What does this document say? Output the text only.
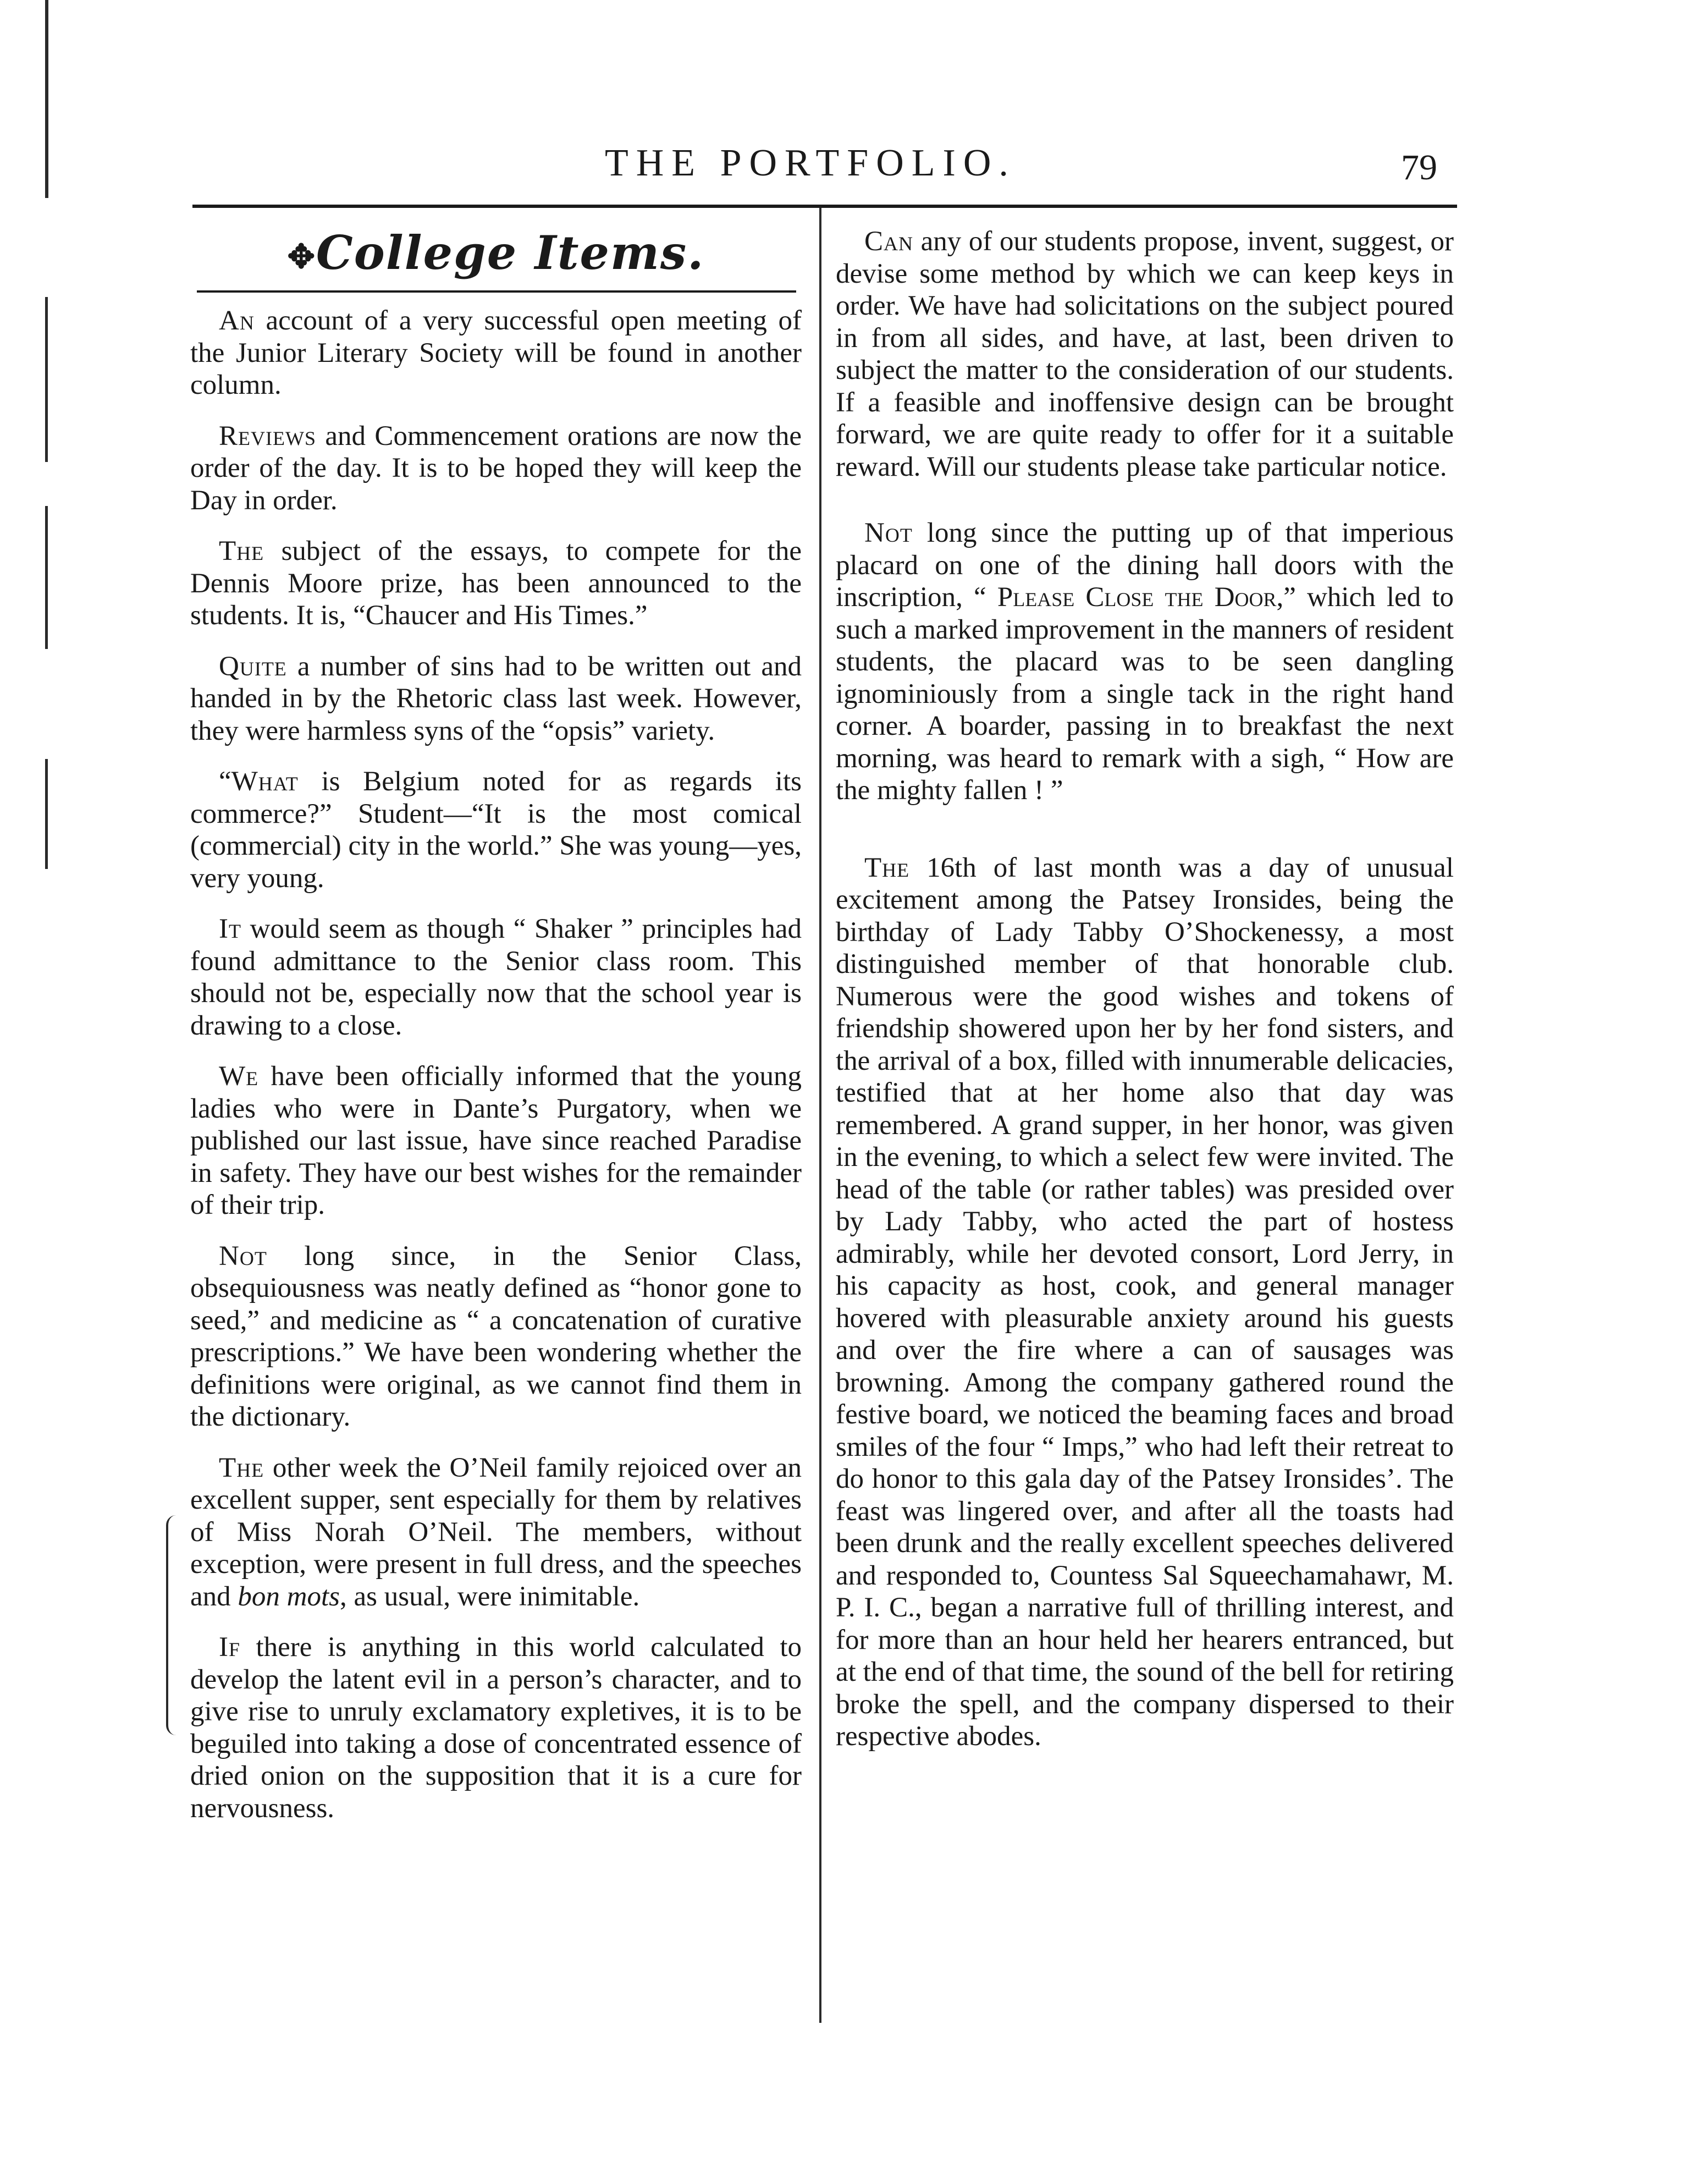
THE PORTFOLIO.	79
✥College Items.

An account of a very successful open meeting of the Junior Literary Society will be found in another column.

Reviews and Commencement orations are now the order of the day. It is to be hoped they will keep the Day in order.

The subject of the essays, to compete for the Dennis Moore prize, has been announced to the students. It is, “Chaucer and His Times.”

Quite a number of sins had to be written out and handed in by the Rhetoric class last week. However, they were harmless syns of the “opsis” variety.

“What is Belgium noted for as regards its commerce?” Student—“It is the most comical (commercial) city in the world.” She was young—yes, very young.

It would seem as though “ Shaker ” principles had found admittance to the Senior class room. This should not be, especially now that the school year is drawing to a close.

We have been officially informed that the young ladies who were in Dante’s Purgatory, when we published our last issue, have since reached Paradise in safety. They have our best wishes for the remainder of their trip.

Not long since, in the Senior Class, obsequiousness was neatly defined as “honor gone to seed,” and medicine as “ a concatenation of curative prescriptions.” We have been wondering whether the definitions were original, as we cannot find them in the dictionary.

The other week the O’Neil family rejoiced over an excellent supper, sent especially for them by relatives of Miss Norah O’Neil. The members, without exception, were present in full dress, and the speeches and bon mots, as usual, were inimitable.

If there is anything in this world calculated to develop the latent evil in a person’s character, and to give rise to unruly exclamatory expletives, it is to be beguiled into taking a dose of concentrated essence of dried onion on the supposition that it is a cure for nervousness.

Can any of our students propose, invent, suggest, or devise some method by which we can keep keys in order. We have had solicitations on the subject poured in from all sides, and have, at last, been driven to subject the matter to the consideration of our students. If a feasible and inoffensive design can be brought forward, we are quite ready to offer for it a suitable reward. Will our students please take particular notice.

Not long since the putting up of that imperious placard on one of the dining hall doors with the inscription, “ Please Close the Door,” which led to such a marked improvement in the manners of resident students, the placard was to be seen dangling ignominiously from a single tack in the right hand corner. A boarder, passing in to breakfast the next morning, was heard to remark with a sigh, “ How are the mighty fallen ! ”

The 16th of last month was a day of unusual excitement among the Patsey Ironsides, being the birthday of Lady Tabby O’Shockenessy, a most distinguished member of that honorable club. Numerous were the good wishes and tokens of friendship showered upon her by her fond sisters, and the arrival of a box, filled with innumerable delicacies, testified that at her home also that day was remembered. A grand supper, in her honor, was given in the evening, to which a select few were invited. The head of the table (or rather tables) was presided over by Lady Tabby, who acted the part of hostess admirably, while her devoted consort, Lord Jerry, in his capacity as host, cook, and general manager hovered with pleasurable anxiety around his guests and over the fire where a can of sausages was browning. Among the company gathered round the festive board, we noticed the beaming faces and broad smiles of the four “ Imps,” who had left their retreat to do honor to this gala day of the Patsey Ironsides’. The feast was lingered over, and after all the toasts had been drunk and the really excellent speeches delivered and responded to, Countess Sal Squeechamahawr, M. P. I. C., began a narrative full of thrilling interest, and for more than an hour held her hearers entranced, but at the end of that time, the sound of the bell for retiring broke the spell, and the company dispersed to their respective abodes.
